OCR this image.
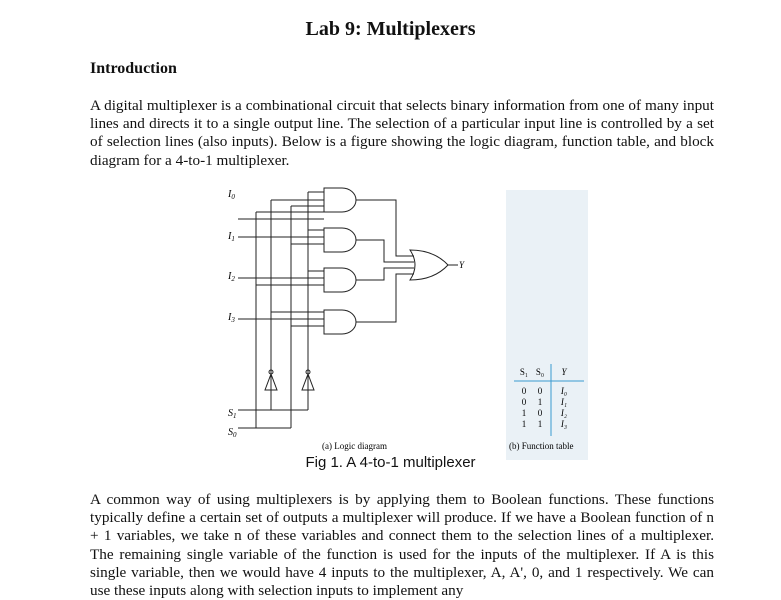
Lab 9: Multiplexers
Introduction
A digital multiplexer is a combinational circuit that selects binary information from one of many input lines and directs it to a single output line. The selection of a particular input line is controlled by a set of selection lines (also inputs). Below is a figure showing the logic diagram, function table, and block diagram for a 4-to-1 multiplexer.
$I_0$
$I_1$
$I_2$
$I_3$
$S_1$
$S_0$
Y
S₁ S₀ Y
0 0 I₀
0 1 I₁
1 0 I₂
1 1 I₃
(a) Logic diagram	(b) Function table
Fig 1. A 4-to-1 multiplexer
A common way of using multiplexers is by applying them to Boolean functions. These functions typically define a certain set of outputs a multiplexer will produce. If we have a Boolean function of n + 1 variables, we take n of these variables and connect them to the selection lines of a multiplexer. The remaining single variable of the function is used for the inputs of the multiplexer. If A is this single variable, then we would have 4 inputs to the multiplexer, A, A', 0, and 1 respectively. We can use these inputs along with selection inputs to implement any
